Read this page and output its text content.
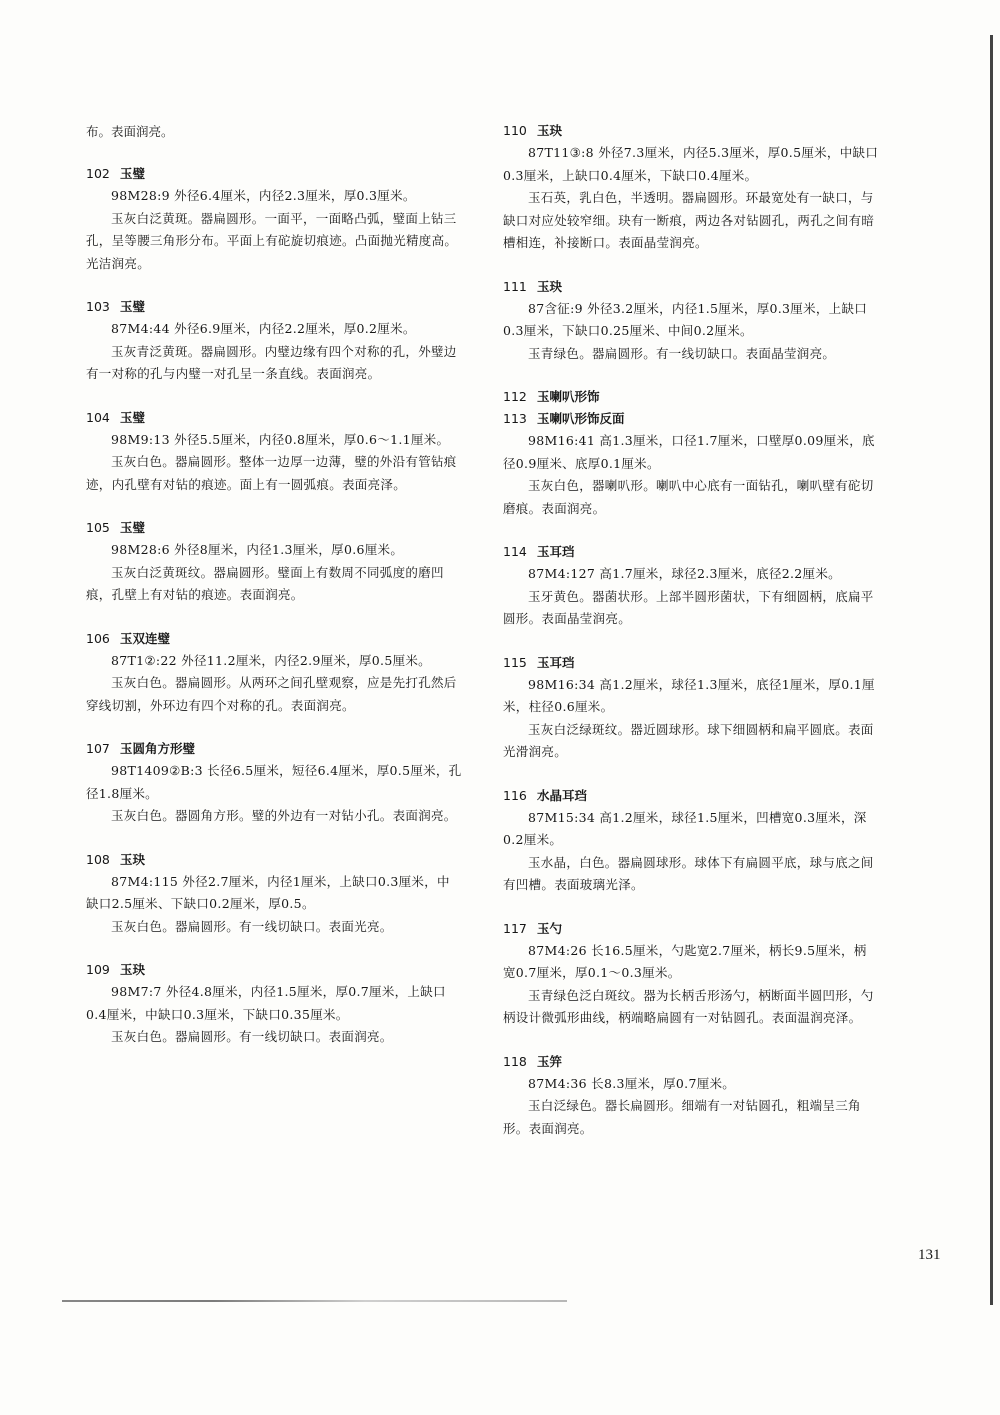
布。表面润亮。

102 玉璧

98M28:9 外径6.4厘米，内径2.3厘米，厚0.3厘米。

玉灰白泛黄斑。器扁圆形。一面平，一面略凸弧，璧面上钻三孔，呈等腰三角形分布。平面上有砣旋切痕迹。凸面抛光精度高。光洁润亮。

103 玉璧

87M4:44 外径6.9厘米，内径2.2厘米，厚0.2厘米。

玉灰青泛黄斑。器扁圆形。内璧边缘有四个对称的孔，外璧边有一对称的孔与内璧一对孔呈一条直线。表面润亮。

104 玉璧

98M9:13 外径5.5厘米，内径0.8厘米，厚0.6～1.1厘米。

玉灰白色。器扁圆形。整体一边厚一边薄，璧的外沿有管钻痕迹，内孔壁有对钻的痕迹。面上有一圆弧痕。表面亮泽。

105 玉璧

98M28:6 外径8厘米，内径1.3厘米，厚0.6厘米。

玉灰白泛黄斑纹。器扁圆形。璧面上有数周不同弧度的磨凹痕，孔壁上有对钻的痕迹。表面润亮。

106 玉双连璧

87T1②:22 外径11.2厘米，内径2.9厘米，厚0.5厘米。

玉灰白色。器扁圆形。从两环之间孔壁观察，应是先打孔然后穿线切割，外环边有四个对称的孔。表面润亮。

107 玉圆角方形璧

98T1409②B:3 长径6.5厘米，短径6.4厘米，厚0.5厘米，孔径1.8厘米。

玉灰白色。器圆角方形。璧的外边有一对钻小孔。表面润亮。

108 玉玦

87M4:115 外径2.7厘米，内径1厘米，上缺口0.3厘米，中缺口2.5厘米、下缺口0.2厘米，厚0.5。

玉灰白色。器扁圆形。有一线切缺口。表面光亮。

109 玉玦

98M7:7 外径4.8厘米，内径1.5厘米，厚0.7厘米，上缺口0.4厘米，中缺口0.3厘米，下缺口0.35厘米。

玉灰白色。器扁圆形。有一线切缺口。表面润亮。

110 玉玦

87T11③:8 外径7.3厘米，内径5.3厘米，厚0.5厘米，中缺口0.3厘米，上缺口0.4厘米，下缺口0.4厘米。

玉石英，乳白色，半透明。器扁圆形。环最宽处有一缺口，与缺口对应处较窄细。玦有一断痕，两边各对钻圆孔，两孔之间有暗槽相连，补接断口。表面晶莹润亮。

111 玉玦

87含征:9 外径3.2厘米，内径1.5厘米，厚0.3厘米，上缺口0.3厘米，下缺口0.25厘米、中间0.2厘米。

玉青绿色。器扁圆形。有一线切缺口。表面晶莹润亮。

112 玉喇叭形饰
113 玉喇叭形饰反面

98M16:41 高1.3厘米，口径1.7厘米，口壁厚0.09厘米，底径0.9厘米、底厚0.1厘米。

玉灰白色，器喇叭形。喇叭中心底有一面钻孔，喇叭壁有砣切磨痕。表面润亮。

114 玉耳珰

87M4:127 高1.7厘米，球径2.3厘米，底径2.2厘米。

玉牙黄色。器菌状形。上部半圆形菌状，下有细圆柄，底扁平圆形。表面晶莹润亮。

115 玉耳珰

98M16:34 高1.2厘米，球径1.3厘米，底径1厘米，厚0.1厘米，柱径0.6厘米。

玉灰白泛绿斑纹。器近圆球形。球下细圆柄和扁平圆底。表面光滑润亮。

116 水晶耳珰

87M15:34 高1.2厘米，球径1.5厘米，凹槽宽0.3厘米，深0.2厘米。

玉水晶，白色。器扁圆球形。球体下有扁圆平底，球与底之间有凹槽。表面玻璃光泽。

117 玉勺

87M4:26 长16.5厘米，勺匙宽2.7厘米，柄长9.5厘米，柄宽0.7厘米，厚0.1～0.3厘米。

玉青绿色泛白斑纹。器为长柄舌形汤勺，柄断面半圆凹形，勺柄设计微弧形曲线，柄端略扁圆有一对钻圆孔。表面温润亮泽。

118 玉笄

87M4:36 长8.3厘米，厚0.7厘米。

玉白泛绿色。器长扁圆形。细端有一对钻圆孔，粗端呈三角形。表面润亮。

131
